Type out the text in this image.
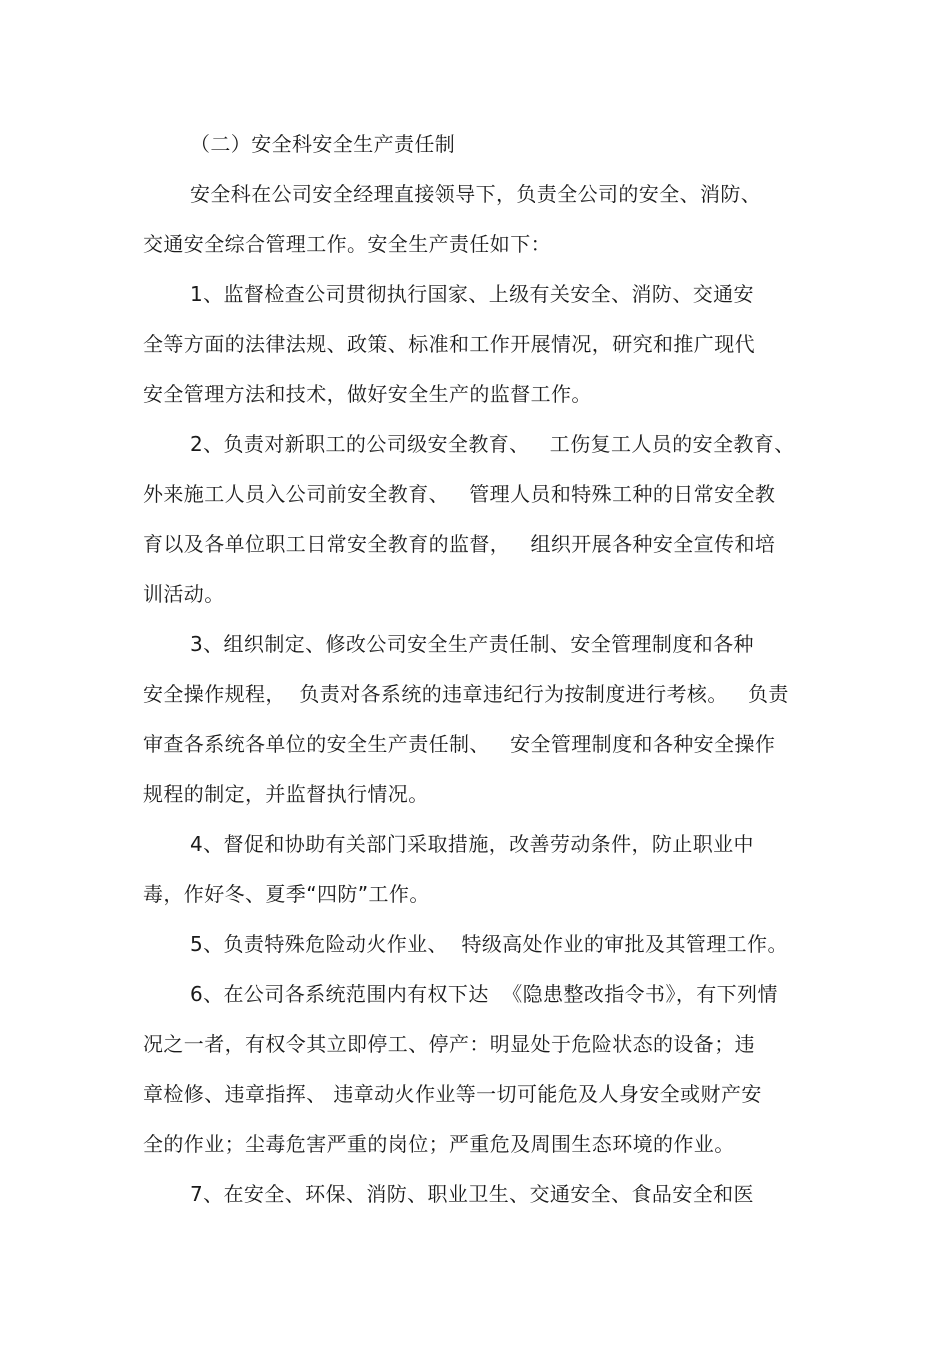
（二）安全科安全生产责任制
安全科在公司安全经理直接领导下，负责全公司的安全、消防、
交通安全综合管理工作。安全生产责任如下：
1、监督检查公司贯彻执行国家、上级有关安全、消防、交通安
全等方面的法律法规、政策、标准和工作开展情况，研究和推广现代
安全管理方法和技术，做好安全生产的监督工作。
2、负责对新职工的公司级安全教育、   工伤复工人员的安全教育、
外来施工人员入公司前安全教育、   管理人员和特殊工种的日常安全教
育以及各单位职工日常安全教育的监督，   组织开展各种安全宣传和培
训活动。
3、组织制定、修改公司安全生产责任制、安全管理制度和各种
安全操作规程，  负责对各系统的违章违纪行为按制度进行考核。   负责
审查各系统各单位的安全生产责任制、   安全管理制度和各种安全操作
规程的制定，并监督执行情况。
4、督促和协助有关部门采取措施，改善劳动条件，防止职业中
毒，作好冬、夏季“四防”工作。
5、负责特殊危险动火作业、  特级高处作业的审批及其管理工作。
6、在公司各系统范围内有权下达  《隐患整改指令书》，有下列情
况之一者，有权令其立即停工、停产：明显处于危险状态的设备；违
章检修、违章指挥、 违章动火作业等一切可能危及人身安全或财产安
全的作业；尘毒危害严重的岗位；严重危及周围生态环境的作业。
7、在安全、环保、消防、职业卫生、交通安全、食品安全和医
